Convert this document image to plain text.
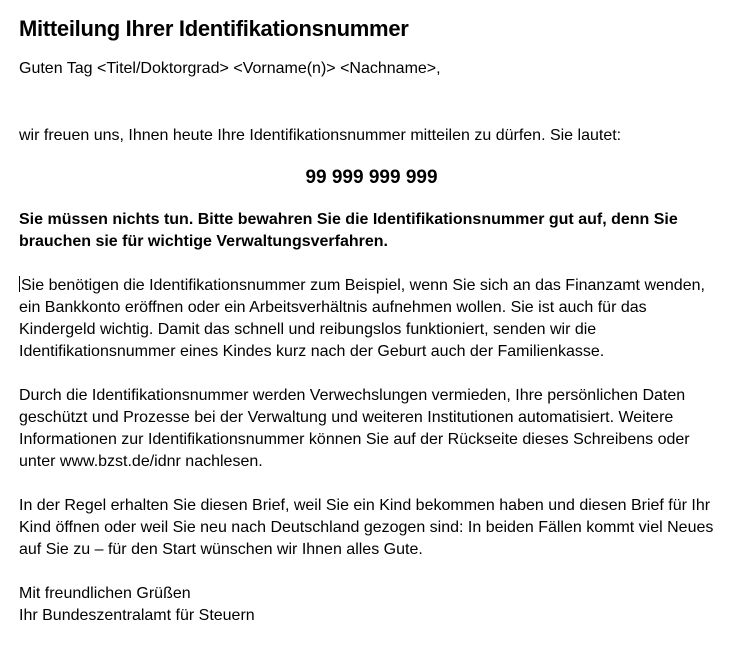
Mitteilung Ihrer Identifikationsnummer
Guten Tag <Titel/Doktorgrad> <Vorname(n)> <Nachname>,
wir freuen uns, Ihnen heute Ihre Identifikationsnummer mitteilen zu dürfen. Sie lautet:
99 999 999 999
Sie müssen nichts tun. Bitte bewahren Sie die Identifikationsnummer gut auf, denn Sie brauchen sie für wichtige Verwaltungsverfahren.
Sie benötigen die Identifikationsnummer zum Beispiel, wenn Sie sich an das Finanzamt wenden, ein Bankkonto eröffnen oder ein Arbeitsverhältnis aufnehmen wollen. Sie ist auch für das Kindergeld wichtig. Damit das schnell und reibungslos funktioniert, senden wir die Identifikationsnummer eines Kindes kurz nach der Geburt auch der Familienkasse.
Durch die Identifikationsnummer werden Verwechslungen vermieden, Ihre persönlichen Daten geschützt und Prozesse bei der Verwaltung und weiteren Institutionen automatisiert. Weitere Informationen zur Identifikationsnummer können Sie auf der Rückseite dieses Schreibens oder unter www.bzst.de/idnr nachlesen.
In der Regel erhalten Sie diesen Brief, weil Sie ein Kind bekommen haben und diesen Brief für Ihr Kind öffnen oder weil Sie neu nach Deutschland gezogen sind: In beiden Fällen kommt viel Neues auf Sie zu – für den Start wünschen wir Ihnen alles Gute.
Mit freundlichen Grüßen
Ihr Bundeszentralamt für Steuern
